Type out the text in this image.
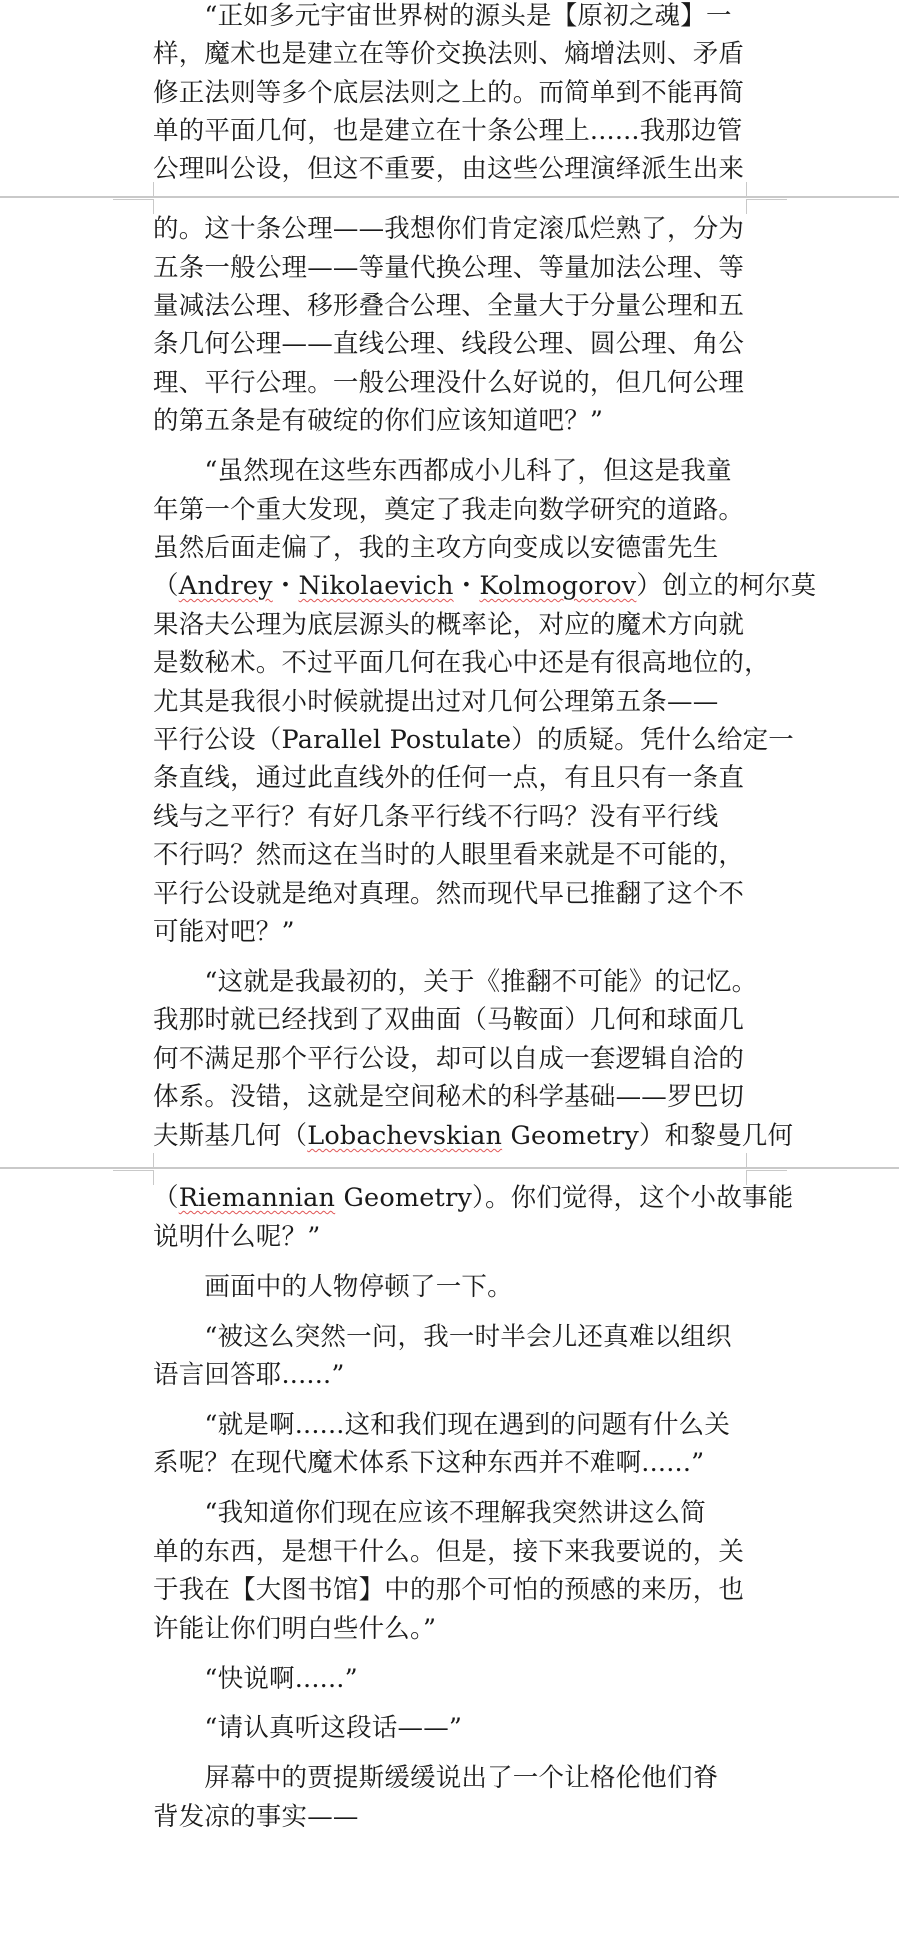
　　“正如多元宇宙世界树的源头是【原初之魂】一
样，魔术也是建立在等价交换法则、熵增法则、矛盾
修正法则等多个底层法则之上的。而简单到不能再简
单的平面几何，也是建立在十条公理上......我那边管
公理叫公设，但这不重要，由这些公理演绎派生出来
的。这十条公理——我想你们肯定滚瓜烂熟了，分为
五条一般公理——等量代换公理、等量加法公理、等
量减法公理、移形叠合公理、全量大于分量公理和五
条几何公理——直线公理、线段公理、圆公理、角公
理、平行公理。一般公理没什么好说的，但几何公理
的第五条是有破绽的你们应该知道吧？”
　　“虽然现在这些东西都成小儿科了，但这是我童
年第一个重大发现，奠定了我走向数学研究的道路。
虽然后面走偏了，我的主攻方向变成以安德雷先生
（Andrey・Nikolaevich・Kolmogorov）创立的柯尔莫
果洛夫公理为底层源头的概率论，对应的魔术方向就
是数秘术。不过平面几何在我心中还是有很高地位的，
尤其是我很小时候就提出过对几何公理第五条——
平行公设（Parallel Postulate）的质疑。凭什么给定一
条直线，通过此直线外的任何一点，有且只有一条直
线与之平行？有好几条平行线不行吗？没有平行线
不行吗？然而这在当时的人眼里看来就是不可能的，
平行公设就是绝对真理。然而现代早已推翻了这个不
可能对吧？”
　　“这就是我最初的，关于《推翻不可能》的记忆。
我那时就已经找到了双曲面（马鞍面）几何和球面几
何不满足那个平行公设，却可以自成一套逻辑自洽的
体系。没错，这就是空间秘术的科学基础——罗巴切
夫斯基几何（Lobachevskian Geometry）和黎曼几何
（Riemannian Geometry）。你们觉得，这个小故事能
说明什么呢？”
　　画面中的人物停顿了一下。
　　“被这么突然一问，我一时半会儿还真难以组织
语言回答耶......”
　　“就是啊......这和我们现在遇到的问题有什么关
系呢？在现代魔术体系下这种东西并不难啊......”
　　“我知道你们现在应该不理解我突然讲这么简
单的东西，是想干什么。但是，接下来我要说的，关
于我在【大图书馆】中的那个可怕的预感的来历，也
许能让你们明白些什么。”
　　“快说啊......”
　　“请认真听这段话——”
　　屏幕中的贾提斯缓缓说出了一个让格伦他们脊
背发凉的事实——
